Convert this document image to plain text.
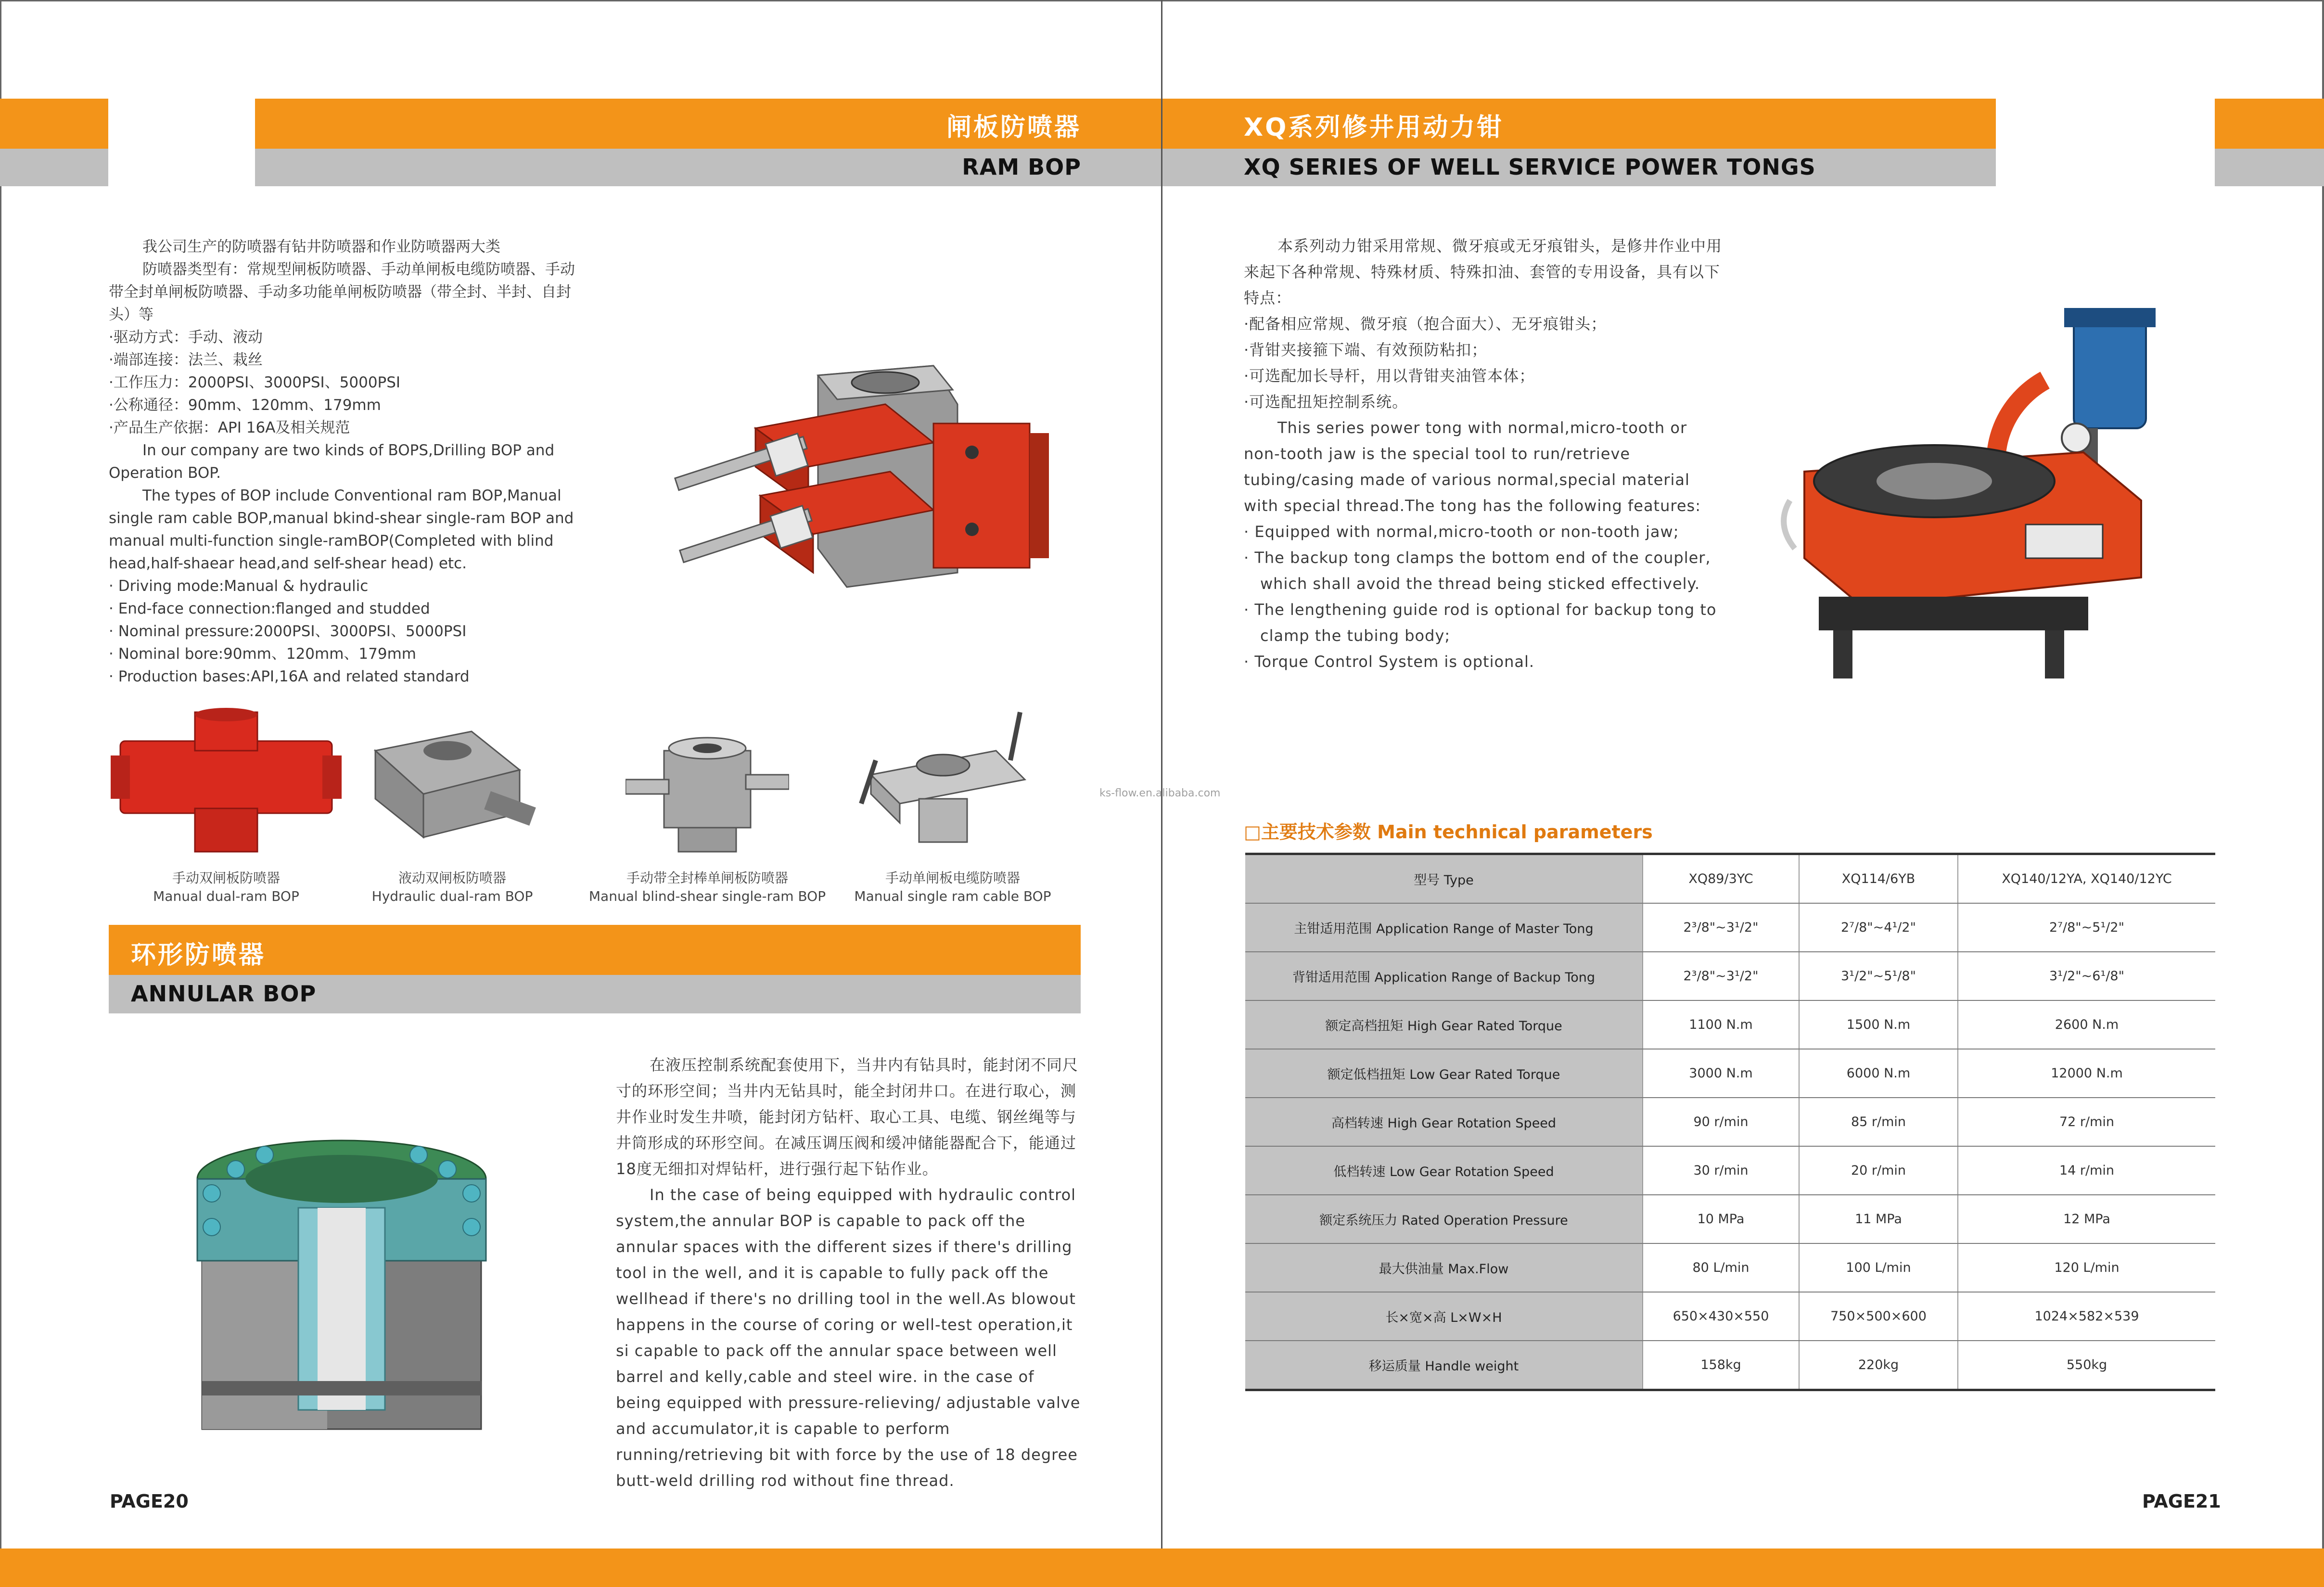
闸板防喷器
RAM BOP
XQ系列修井用动力钳
XQ SERIES OF WELL SERVICE POWER TONGS

我公司生产的防喷器有钻井防喷器和作业防喷器两大类

防喷器类型有：常规型闸板防喷器、手动单闸板电缆防喷器、手动带全封单闸板防喷器、手动多功能单闸板防喷器（带全封、半封、自封头）等

·驱动方式：手动、液动

·端部连接：法兰、栽丝

·工作压力：2000PSI、3000PSI、5000PSI

·公称通径：90mm、120mm、179mm

·产品生产依据：API 16A及相关规范

In our company are two kinds of BOPS,Drilling BOP and Operation BOP.

The types of BOP include Conventional ram BOP,Manual single ram cable BOP,manual bkind-shear single-ram BOP and manual multi-function single-ramBOP(Completed with blind head,half-shaear head,and self-shear head) etc.

· Driving mode:Manual & hydraulic

· End-face connection:flanged and studded

· Nominal pressure:2000PSI、3000PSI、5000PSI

· Nominal bore:90mm、120mm、179mm

· Production bases:API,16A and related standard

手动双闸板防喷器
Manual dual-ram BOP
液动双闸板防喷器
Hydraulic dual-ram BOP
手动带全封棒单闸板防喷器
Manual blind-shear single-ram BOP
手动单闸板电缆防喷器
Manual single ram cable BOP
环形防喷器
ANNULAR BOP

在液压控制系统配套使用下，当井内有钻具时，能封闭不同尺寸的环形空间；当井内无钻具时，能全封闭井口。在进行取心，测井作业时发生井喷，能封闭方钻杆、取心工具、电缆、钢丝绳等与井筒形成的环形空间。在减压调压阀和缓冲储能器配合下，能通过18度无细扣对焊钻杆，进行强行起下钻作业。

In the case of being equipped with hydraulic control system,the annular BOP is capable to pack off the annular spaces with the different sizes if there's drilling tool in the well, and it is capable to fully pack off the wellhead if there's no drilling tool in the well.As blowout happens in the course of coring or well-test operation,it si capable to pack off the annular space between well barrel and kelly,cable and steel wire. in the case of being equipped with pressure-relieving/ adjustable valve and accumulator,it is capable to perform running/retrieving bit with force by the use of 18 degree butt-weld drilling rod without fine thread.

PAGE20

本系列动力钳采用常规、微牙痕或无牙痕钳头，是修井作业中用来起下各种常规、特殊材质、特殊扣油、套管的专用设备，具有以下特点：

·配备相应常规、微牙痕（抱合面大）、无牙痕钳头；

·背钳夹接箍下端、有效预防粘扣；

·可选配加长导杆，用以背钳夹油管本体；

·可选配扭矩控制系统。

This series power tong with normal,micro-tooth or non-tooth jaw is the special tool to run/retrieve tubing/casing made of various normal,special material with special thread.The tong has the following features:

· Equipped with normal,micro-tooth or non-tooth jaw;

· The backup tong clamps the bottom end of the coupler, which shall avoid the thread being sticked effectively.

· The lengthening guide rod is optional for backup tong to clamp the tubing body;

· Torque Control System is optional.

ks-flow.en.alibaba.com
□主要技术参数 Main technical parameters
型号 Type	XQ89/3YC	XQ114/6YB	XQ140/12YA, XQ140/12YC
主钳适用范围 Application Range of Master Tong	2³/8"~3¹/2"	2⁷/8"~4¹/2"	2⁷/8"~5¹/2"
背钳适用范围 Application Range of Backup Tong	2³/8"~3¹/2"	3¹/2"~5¹/8"	3¹/2"~6¹/8"
额定高档扭矩 High Gear Rated Torque	1100 N.m	1500 N.m	2600 N.m
额定低档扭矩 Low Gear Rated Torque	3000 N.m	6000 N.m	12000 N.m
高档转速 High Gear Rotation Speed	90 r/min	85 r/min	72 r/min
低档转速 Low Gear Rotation Speed	30 r/min	20 r/min	14 r/min
额定系统压力 Rated Operation Pressure	10 MPa	11 MPa	12 MPa
最大供油量 Max.Flow	80 L/min	100 L/min	120 L/min
长×宽×高 L×W×H	650×430×550	750×500×600	1024×582×539
移运质量 Handle weight	158kg	220kg	550kg
PAGE21
